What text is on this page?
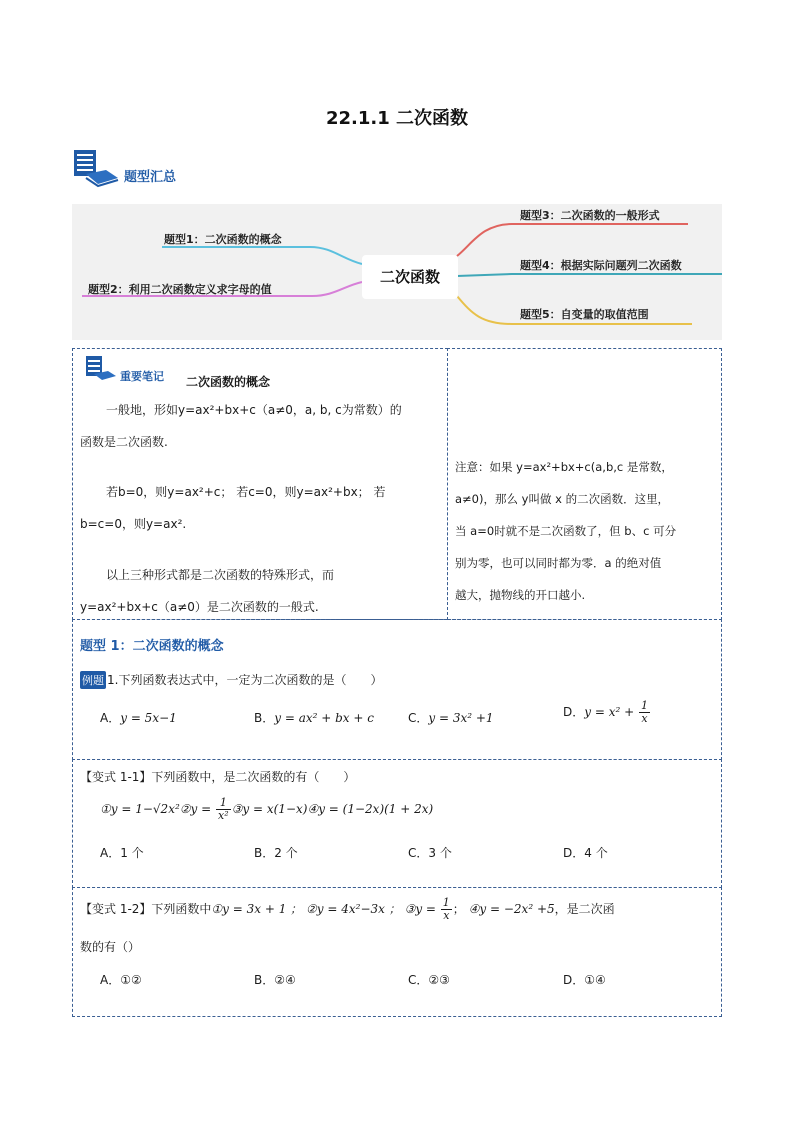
22.1.1 二次函数
题型汇总
二次函数
题型1：二次函数的概念
题型2：利用二次函数定义求字母的值
题型3：二次函数的一般形式
题型4：根据实际问题列二次函数
题型5：自变量的取值范围
重要笔记 二次函数的概念
一般地，形如y=ax²+bx+c（a≠0，a, b, c为常数）的
函数是二次函数.
若b=0，则y=ax²+c； 若c=0，则y=ax²+bx； 若
b=c=0，则y=ax².
以上三种形式都是二次函数的特殊形式，而
y=ax²+bx+c（a≠0）是二次函数的一般式.
注意：如果 y=ax²+bx+c(a,b,c 是常数，
a≠0)，那么 y叫做 x 的二次函数．这里，
当 a=0时就不是二次函数了，但 b、c 可分
别为零，也可以同时都为零．a 的绝对值
越大，抛物线的开口越小.
题型 1：二次函数的概念
例题 1.下列函数表达式中，一定为二次函数的是（　　）
A．y = 5x−1	B．y = ax² + bx + c	C．y = 3x² +1	D．$y = x^2 + \frac{1}{x}$
【变式 1-1】下列函数中，是二次函数的有（　　）
①y = 1−√2x²②y = $\frac{1}{\text{x²}}$ ③y = x(1−x)④y = (1−2x)(1 + 2x)
A．1 个	B．2 个	C．3 个	D．4 个
【变式 1-2】下列函数中①y = 3x + 1 ； ②y = 4x²−3x ； ③y = $\frac{1}{x}$ ； ④y = −2x² +5，是二次函
数的有（）
A．①②	B．②④	C．②③	D．①④
